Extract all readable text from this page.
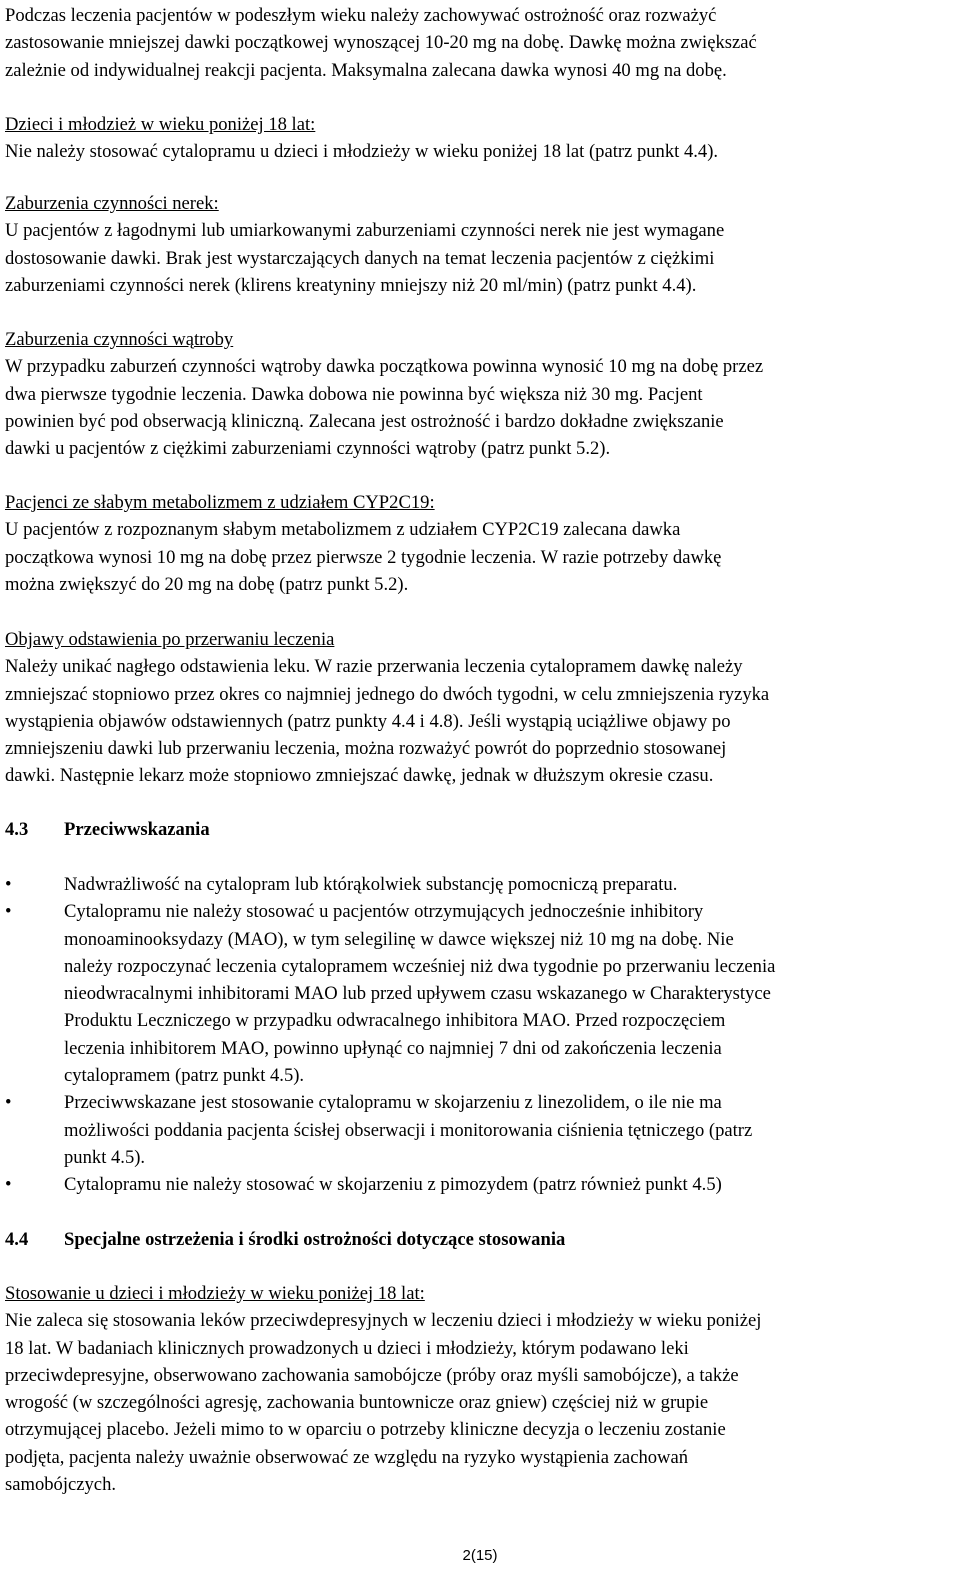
Podczas leczenia pacjentów w podeszłym wieku należy zachowywać ostrożność oraz rozważyć
zastosowanie mniejszej dawki początkowej wynoszącej 10-20 mg na dobę. Dawkę można zwiększać
zależnie od indywidualnej reakcji pacjenta. Maksymalna zalecana dawka wynosi 40 mg na dobę.
Dzieci i młodzież w wieku poniżej 18 lat:
Nie należy stosować cytalopramu u dzieci i młodzieży w wieku poniżej 18 lat (patrz punkt 4.4).
Zaburzenia czynności nerek:
U pacjentów z łagodnymi lub umiarkowanymi zaburzeniami czynności nerek nie jest wymagane
dostosowanie dawki. Brak jest wystarczających danych na temat leczenia pacjentów z ciężkimi
zaburzeniami czynności nerek (klirens kreatyniny mniejszy niż 20 ml/min) (patrz punkt 4.4).
Zaburzenia czynności wątroby
W przypadku zaburzeń czynności wątroby dawka początkowa powinna wynosić 10 mg na dobę przez
dwa pierwsze tygodnie leczenia. Dawka dobowa nie powinna być większa niż 30 mg. Pacjent
powinien być pod obserwacją kliniczną. Zalecana jest ostrożność i bardzo dokładne zwiększanie
dawki u pacjentów z ciężkimi zaburzeniami czynności wątroby (patrz punkt 5.2).
Pacjenci ze słabym metabolizmem z udziałem CYP2C19:
U pacjentów z rozpoznanym słabym metabolizmem z udziałem CYP2C19 zalecana dawka
początkowa wynosi 10 mg na dobę przez pierwsze 2 tygodnie leczenia. W razie potrzeby dawkę
można zwiększyć do 20 mg na dobę (patrz punkt 5.2).
Objawy odstawienia po przerwaniu leczenia
Należy unikać nagłego odstawienia leku. W razie przerwania leczenia cytalopramem dawkę należy
zmniejszać stopniowo przez okres co najmniej jednego do dwóch tygodni, w celu zmniejszenia ryzyka
wystąpienia objawów odstawiennych (patrz punkty 4.4 i 4.8). Jeśli wystąpią uciążliwe objawy po
zmniejszeniu dawki lub przerwaniu leczenia, można rozważyć powrót do poprzednio stosowanej
dawki. Następnie lekarz może stopniowo zmniejszać dawkę, jednak w dłuższym okresie czasu.
4.3 Przeciwwskazania
•	Nadwrażliwość na cytalopram lub którąkolwiek substancję pomocniczą preparatu.
•	Cytalopramu nie należy stosować u pacjentów otrzymujących jednocześnie inhibitory
monoaminooksydazy (MAO), w tym selegilinę w dawce większej niż 10 mg na dobę. Nie
należy rozpoczynać leczenia cytalopramem wcześniej niż dwa tygodnie po przerwaniu leczenia
nieodwracalnymi inhibitorami MAO lub przed upływem czasu wskazanego w Charakterystyce
Produktu Leczniczego w przypadku odwracalnego inhibitora MAO. Przed rozpoczęciem
leczenia inhibitorem MAO, powinno upłynąć co najmniej 7 dni od zakończenia leczenia
cytalopramem (patrz punkt 4.5).
•	Przeciwwskazane jest stosowanie cytalopramu w skojarzeniu z linezolidem, o ile nie ma
możliwości poddania pacjenta ścisłej obserwacji i monitorowania ciśnienia tętniczego (patrz
punkt 4.5).
•	Cytalopramu nie należy stosować w skojarzeniu z pimozydem (patrz również punkt 4.5)
4.4 Specjalne ostrzeżenia i środki ostrożności dotyczące stosowania
Stosowanie u dzieci i młodzieży w wieku poniżej 18 lat:
Nie zaleca się stosowania leków przeciwdepresyjnych w leczeniu dzieci i młodzieży w wieku poniżej
18 lat. W badaniach klinicznych prowadzonych u dzieci i młodzieży, którym podawano leki
przeciwdepresyjne, obserwowano zachowania samobójcze (próby oraz myśli samobójcze), a także
wrogość (w szczególności agresję, zachowania buntownicze oraz gniew) częściej niż w grupie
otrzymującej placebo. Jeżeli mimo to w oparciu o potrzeby kliniczne decyzja o leczeniu zostanie
podjęta, pacjenta należy uważnie obserwować ze względu na ryzyko wystąpienia zachowań
samobójczych.
2(15)
